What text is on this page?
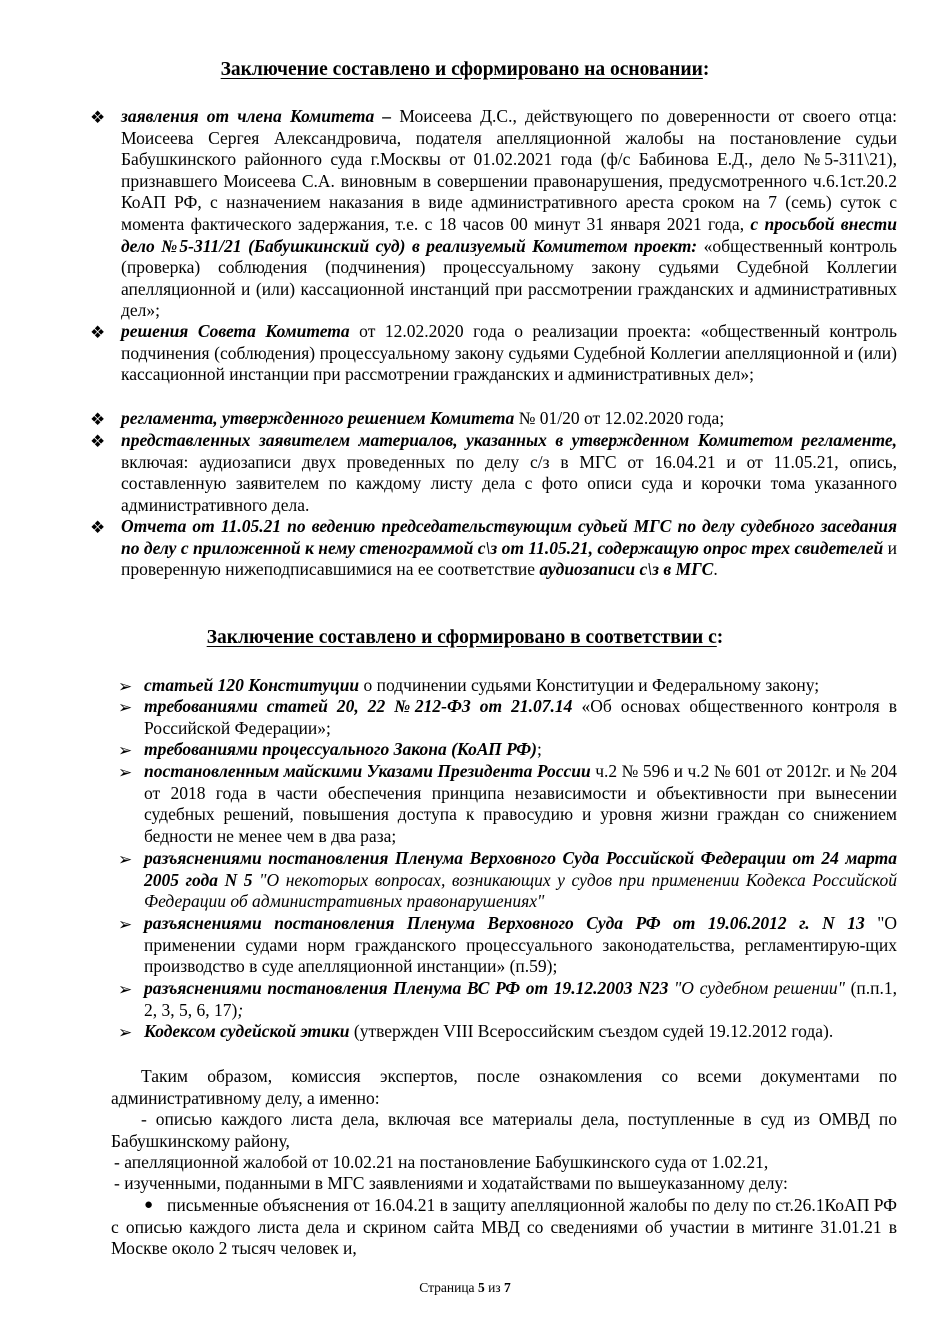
Заключение составлено и сформировано на основании:
❖ заявления от члена Комитета – Моисеева Д.С., действующего по доверенности от своего отца: Моисеева Сергея Александровича, подателя апелляционной жалобы на постановление судьи Бабушкинского районного суда г.Москвы от 01.02.2021 года (ф/с Бабинова Е.Д., дело №5-311\21), признавшего Моисеева С.А. виновным в совершении правонарушения, предусмотренного ч.6.1ст.20.2 КоАП РФ, с назначением наказания в виде административного ареста сроком на 7 (семь) суток с момента фактического задержания, т.е. с 18 часов 00 минут 31 января 2021 года, с просьбой внести дело №5-311/21 (Бабушкинский суд) в реализуемый Комитетом проект: «общественный контроль (проверка) соблюдения (подчинения) процессуальному закону судьями Судебной Коллегии апелляционной и (или) кассационной инстанций при рассмотрении гражданских и административных дел»;
❖ решения Совета Комитета от 12.02.2020 года о реализации проекта: «общественный контроль подчинения (соблюдения) процессуальному закону судьями Судебной Коллегии апелляционной и (или) кассационной инстанции при рассмотрении гражданских и административных дел»;
❖ регламента, утвержденного решением Комитета № 01/20 от 12.02.2020 года;
❖ представленных заявителем материалов, указанных в утвержденном Комитетом регламенте, включая: аудиозаписи двух проведенных по делу с/з в МГС от 16.04.21 и от 11.05.21, опись, составленную заявителем по каждому листу дела с фото описи суда и корочки тома указанного административного дела.
❖ Отчета от 11.05.21 по ведению председательствующим судьей МГС по делу судебного заседания по делу с приложенной к нему стенограммой с\з от 11.05.21, содержащую опрос трех свидетелей и проверенную нижеподписавшимися на ее соответствие аудиозаписи с\з в МГС.
Заключение составлено и сформировано в соответствии с:
➢ статьей 120 Конституции о подчинении судьями Конституции и Федеральному закону;
➢ требованиями статей 20, 22 №212-ФЗ от 21.07.14 «Об основах общественного контроля в Российской Федерации»;
➢ требованиями процессуального Закона (КоАП РФ);
➢ постановленным майскими Указами Президента России ч.2 № 596 и ч.2 № 601 от 2012г. и № 204 от 2018 года в части обеспечения принципа независимости и объективности при вынесении судебных решений, повышения доступа к правосудию и уровня жизни граждан со снижением бедности не менее чем в два раза;
➢ разъяснениями постановления Пленума Верховного Суда Российской Федерации от 24 марта 2005 года N 5 "О некоторых вопросах, возникающих у судов при применении Кодекса Российской Федерации об административных правонарушениях"
➢ разъяснениями постановления Пленума Верховного Суда РФ от 19.06.2012 г. N 13 "О применении судами норм гражданского процессуального законодательства, регламентирую-щих производство в суде апелляционной инстанции» (п.59);
➢ разъяснениями постановления Пленума ВС РФ от 19.12.2003 N23 "О судебном решении" (п.п.1, 2, 3, 5, 6, 17);
➢ Кодексом судейской этики (утвержден VIII Всероссийским съездом судей 19.12.2012 года).
Таким образом, комиссия экспертов, после ознакомления со всеми документами по административному делу, а именно:
- описью каждого листа дела, включая все материалы дела, поступленные в суд из ОМВД по Бабушкинскому району,
- апелляционной жалобой от 10.02.21 на постановление Бабушкинского суда от 1.02.21,
- изученными, поданными в МГС заявлениями и ходатайствами по вышеуказанному делу:
● письменные объяснения от 16.04.21 в защиту апелляционной жалобы по делу по ст.26.1КоАП РФ с описью каждого листа дела и скрином сайта МВД со сведениями об участии в митинге 31.01.21 в Москве около 2 тысяч человек и,
Страница 5 из 7
